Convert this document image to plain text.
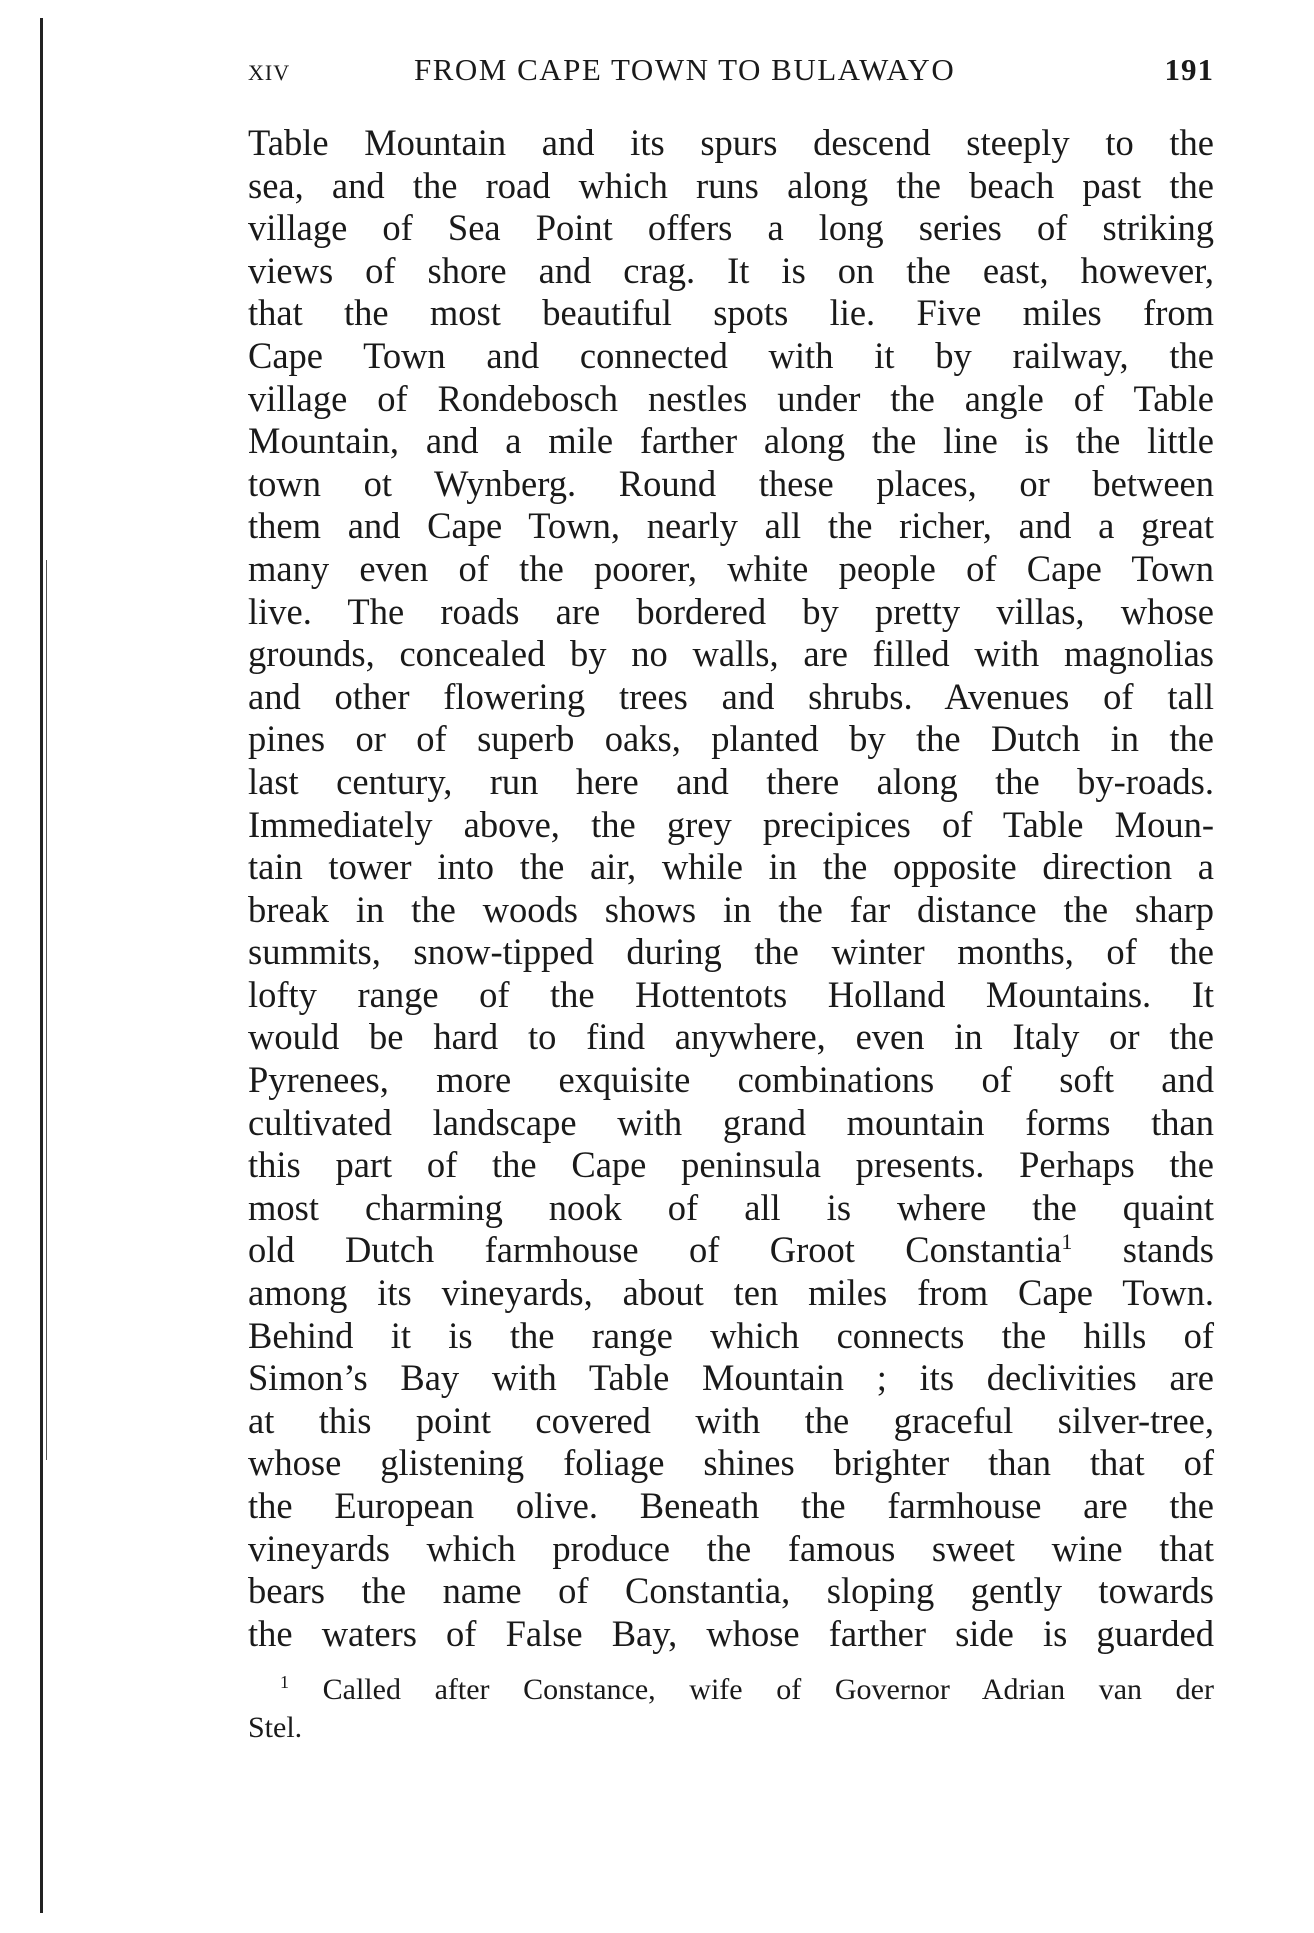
xiv	FROM CAPE TOWN TO BULAWAYO	191
Table Mountain and its spurs descend steeply to the
sea, and the road which runs along the beach past the
village of Sea Point offers a long series of striking
views of shore and crag. It is on the east, however,
that the most beautiful spots lie. Five miles from
Cape Town and connected with it by railway, the
village of Rondebosch nestles under the angle of Table
Mountain, and a mile farther along the line is the little
town ot Wynberg. Round these places, or between
them and Cape Town, nearly all the richer, and a great
many even of the poorer, white people of Cape Town
live. The roads are bordered by pretty villas, whose
grounds, concealed by no walls, are filled with magnolias
and other flowering trees and shrubs. Avenues of tall
pines or of superb oaks, planted by the Dutch in the
last century, run here and there along the by-roads.
Immediately above, the grey precipices of Table Moun-
tain tower into the air, while in the opposite direction a
break in the woods shows in the far distance the sharp
summits, snow-tipped during the winter months, of the
lofty range of the Hottentots Holland Mountains. It
would be hard to find anywhere, even in Italy or the
Pyrenees, more exquisite combinations of soft and
cultivated landscape with grand mountain forms than
this part of the Cape peninsula presents. Perhaps the
most charming nook of all is where the quaint
old Dutch farmhouse of Groot Constantia$^1$ stands
among its vineyards, about ten miles from Cape Town.
Behind it is the range which connects the hills of
Simon’s Bay with Table Mountain ; its declivities are
at this point covered with the graceful silver-tree,
whose glistening foliage shines brighter than that of
the European olive. Beneath the farmhouse are the
vineyards which produce the famous sweet wine that
bears the name of Constantia, sloping gently towards
the waters of False Bay, whose farther side is guarded
$^1$ Called after Constance, wife of Governor Adrian van der
Stel.
